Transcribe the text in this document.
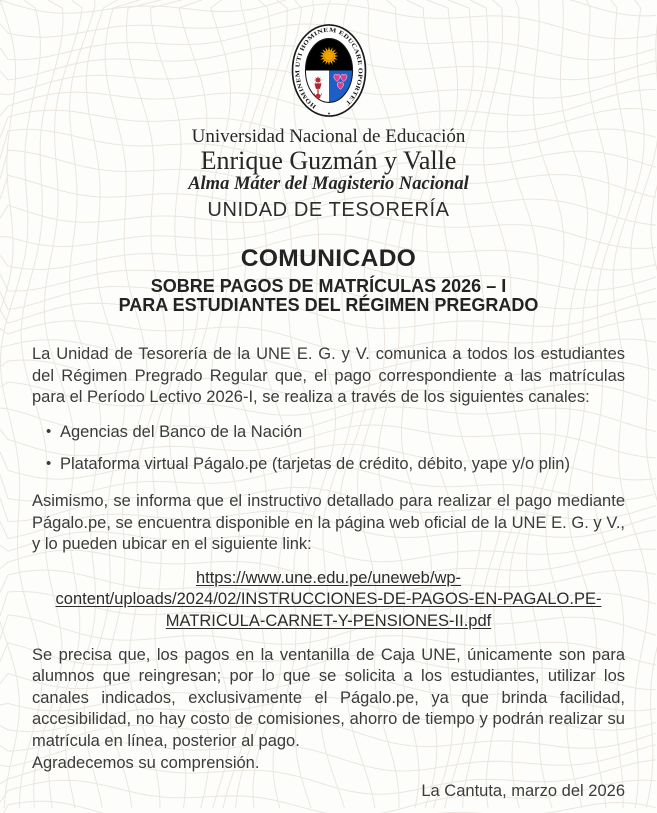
HOMINEM UTI HOMINEM EDUCARE OPORTET
Universidad Nacional de Educación
Enrique Guzmán y Valle
Alma Máter del Magisterio Nacional
UNIDAD DE TESORERÍA
COMUNICADO
SOBRE PAGOS DE MATRÍCULAS 2026 – I
PARA ESTUDIANTES DEL RÉGIMEN PREGRADO

La Unidad de Tesorería de la UNE E. G. y V. comunica a todos los estudiantes del Régimen Pregrado Regular que, el pago correspondiente a las matrículas para el Período Lectivo 2026-I, se realiza a través de los siguientes canales:

• Agencias del Banco de la Nación
• Plataforma virtual Págalo.pe (tarjetas de crédito, débito, yape y/o plin)

Asimismo, se informa que el instructivo detallado para realizar el pago mediante Págalo.pe, se encuentra disponible en la página web oficial de la UNE E. G. y V., y lo pueden ubicar en el siguiente link:

https://www.une.edu.pe/uneweb/wp-
content/uploads/2024/02/INSTRUCCIONES-DE-PAGOS-EN-PAGALO.PE-
MATRICULA-CARNET-Y-PENSIONES-II.pdf

Se precisa que, los pagos en la ventanilla de Caja UNE, únicamente son para alumnos que reingresan; por lo que se solicita a los estudiantes, utilizar los canales indicados, exclusivamente el Págalo.pe, ya que brinda facilidad, accesibilidad, no hay costo de comisiones, ahorro de tiempo y podrán realizar su matrícula en línea, posterior al pago.

Agradecemos su comprensión.
La Cantuta, marzo del 2026
